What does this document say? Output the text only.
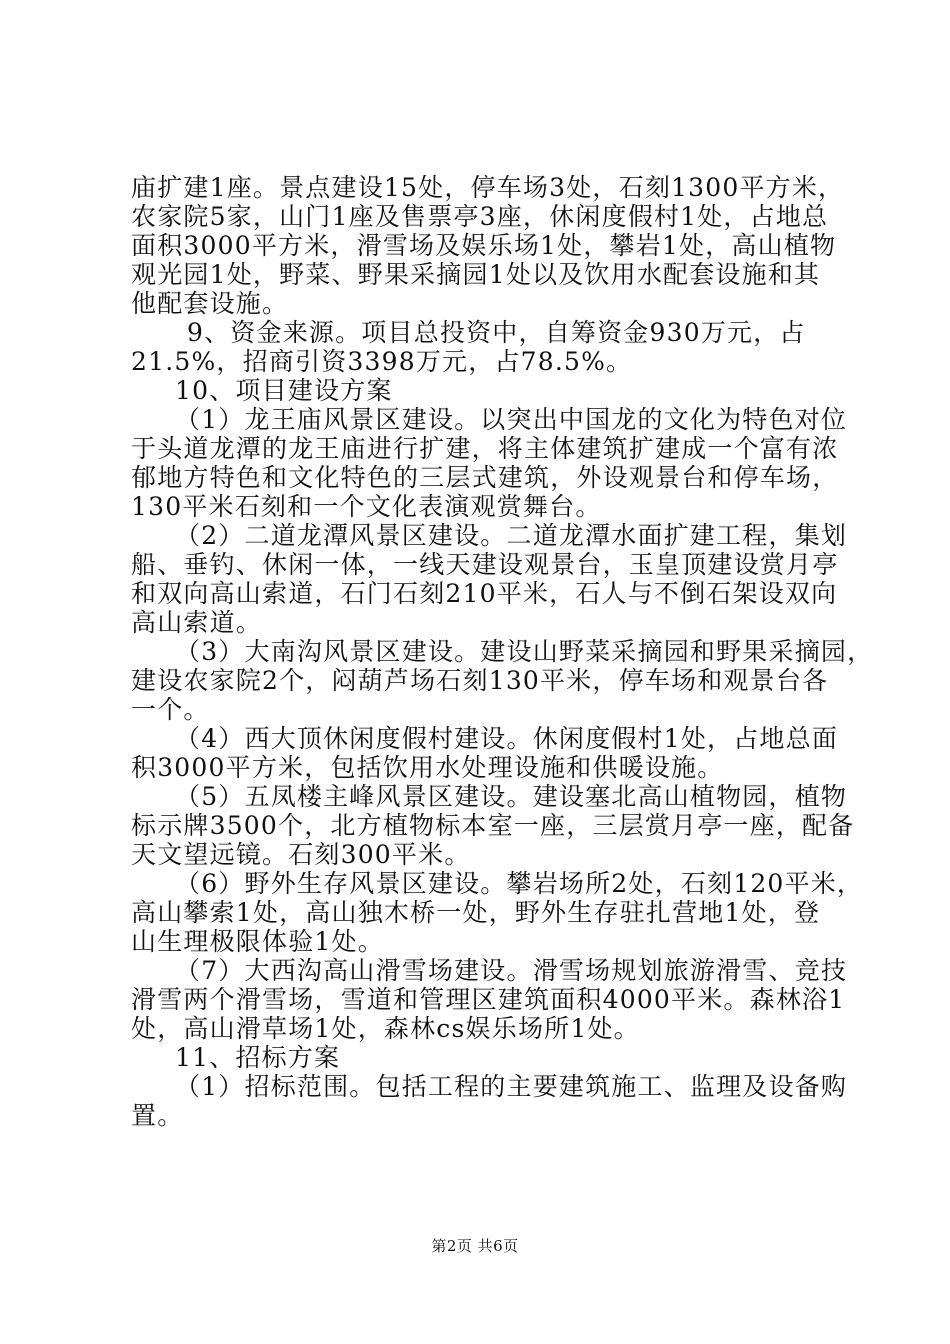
庙扩建1座。景点建设15处，停车场3处，石刻1300平方米，
农家院5家，山门1座及售票亭3座，休闲度假村1处，占地总
面积3000平方米，滑雪场及娱乐场1处，攀岩1处，高山植物
观光园1处，野菜、野果采摘园1处以及饮用水配套设施和其
他配套设施。
9、资金来源。项目总投资中，自筹资金930万元，占
21.5%，招商引资3398万元，占78.5%。
10、项目建设方案
（1）龙王庙风景区建设。以突出中国龙的文化为特色对位
于头道龙潭的龙王庙进行扩建，将主体建筑扩建成一个富有浓
郁地方特色和文化特色的三层式建筑，外设观景台和停车场，
130平米石刻和一个文化表演观赏舞台。
（2）二道龙潭风景区建设。二道龙潭水面扩建工程，集划
船、垂钓、休闲一体，一线天建设观景台，玉皇顶建设赏月亭
和双向高山索道，石门石刻210平米，石人与不倒石架设双向
高山索道。
（3）大南沟风景区建设。建设山野菜采摘园和野果采摘园，
建设农家院2个，闷葫芦场石刻130平米，停车场和观景台各
一个。
（4）西大顶休闲度假村建设。休闲度假村1处，占地总面
积3000平方米，包括饮用水处理设施和供暖设施。
（5）五凤楼主峰风景区建设。建设塞北高山植物园，植物
标示牌3500个，北方植物标本室一座，三层赏月亭一座，配备
天文望远镜。石刻300平米。
（6）野外生存风景区建设。攀岩场所2处，石刻120平米，
高山攀索1处，高山独木桥一处，野外生存驻扎营地1处，登
山生理极限体验1处。
（7）大西沟高山滑雪场建设。滑雪场规划旅游滑雪、竞技
滑雪两个滑雪场，雪道和管理区建筑面积4000平米。森林浴1
处，高山滑草场1处，森林cs娱乐场所1处。
11、招标方案
（1）招标范围。包括工程的主要建筑施工、监理及设备购
置。
第2页 共6页
